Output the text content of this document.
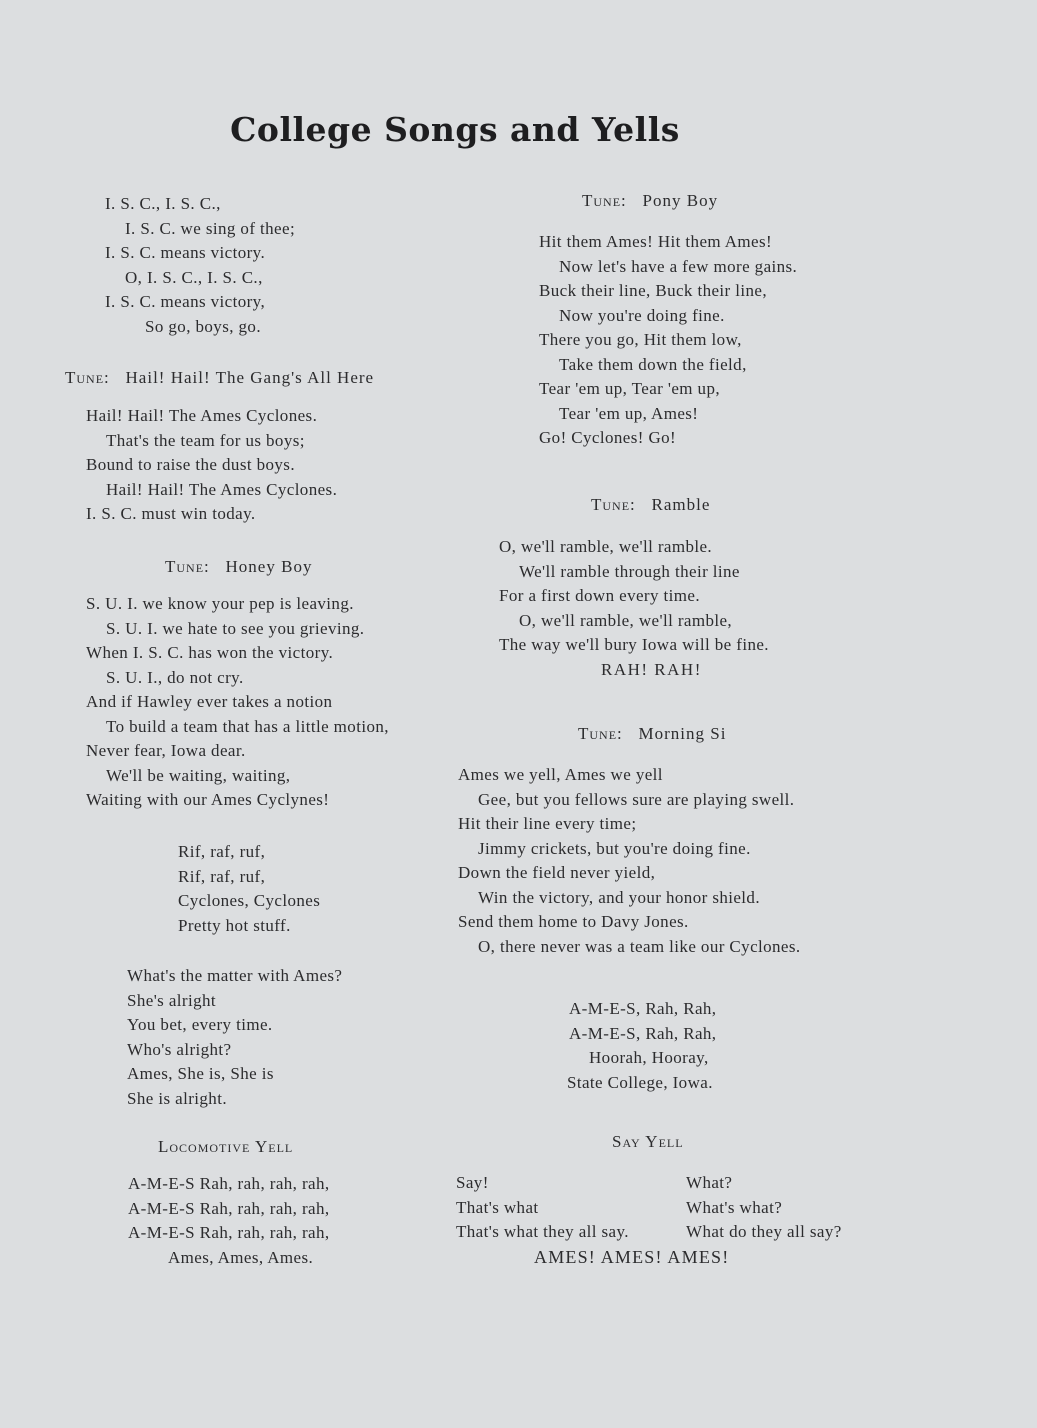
College Songs and Yells
I. S. C., I. S. C.,
I. S. C. we sing of thee;
I. S. C. means victory.
O, I. S. C., I. S. C.,
I. S. C. means victory,
So go, boys, go.
Tune: Hail! Hail! The Gang's All Here
Hail! Hail! The Ames Cyclones.
That's the team for us boys;
Bound to raise the dust boys.
Hail! Hail! The Ames Cyclones.
I. S. C. must win today.
Tune: Honey Boy
S. U. I. we know your pep is leaving.
S. U. I. we hate to see you grieving.
When I. S. C. has won the victory.
S. U. I., do not cry.
And if Hawley ever takes a notion
To build a team that has a little motion,
Never fear, Iowa dear.
We'll be waiting, waiting,
Waiting with our Ames Cyclynes!
Rif, raf, ruf,
Rif, raf, ruf,
Cyclones, Cyclones
Pretty hot stuff.
What's the matter with Ames?
She's alright
You bet, every time.
Who's alright?
Ames, She is, She is
She is alright.
Locomotive Yell
A-M-E-S Rah, rah, rah, rah,
A-M-E-S Rah, rah, rah, rah,
A-M-E-S Rah, rah, rah, rah,
Ames, Ames, Ames.
Tune: Pony Boy
Hit them Ames! Hit them Ames!
Now let's have a few more gains.
Buck their line, Buck their line,
Now you're doing fine.
There you go, Hit them low,
Take them down the field,
Tear 'em up, Tear 'em up,
Tear 'em up, Ames!
Go! Cyclones! Go!
Tune: Ramble
O, we'll ramble, we'll ramble.
We'll ramble through their line
For a first down every time.
O, we'll ramble, we'll ramble,
The way we'll bury Iowa will be fine.
RAH! RAH!
Tune: Morning Si
Ames we yell, Ames we yell
Gee, but you fellows sure are playing swell.
Hit their line every time;
Jimmy crickets, but you're doing fine.
Down the field never yield,
Win the victory, and your honor shield.
Send them home to Davy Jones.
O, there never was a team like our Cyclones.
A-M-E-S, Rah, Rah,
A-M-E-S, Rah, Rah,
Hoorah, Hooray,
State College, Iowa.
Say Yell
Say!	What?
That's what	What's what?
That's what they all say.	What do they all say?
AMES! AMES! AMES!
